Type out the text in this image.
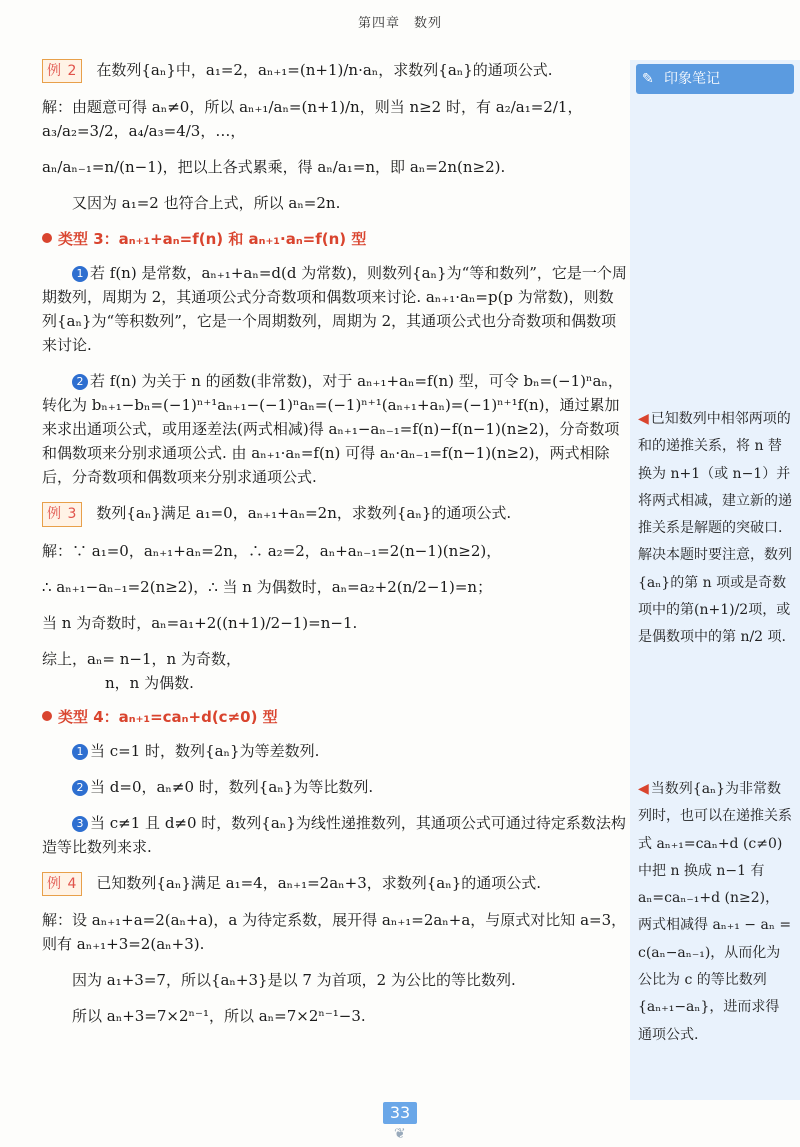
第四章　数列
✎ 印象笔记
◀ 已知数列中相邻两项的和的递推关系，将 n 替换为 n+1（或 n−1）并将两式相减，建立新的递推关系是解题的突破口. 解决本题时要注意，数列{aₙ}的第 n 项或是奇数项中的第(n+1)/2项，或是偶数项中的第 n/2 项.
◀ 当数列{aₙ}为非常数列时，也可以在递推关系式 aₙ₊₁=caₙ+d (c≠0) 中把 n 换成 n−1 有 aₙ=caₙ₋₁+d (n≥2)，两式相减得 aₙ₊₁ − aₙ = c(aₙ−aₙ₋₁)，从而化为公比为 c 的等比数列 {aₙ₊₁−aₙ}，进而求得通项公式.

例 2 在数列{aₙ}中，a₁=2，aₙ₊₁=(n+1)/n·aₙ，求数列{aₙ}的通项公式.

解：由题意可得 aₙ≠0，所以 aₙ₊₁/aₙ=(n+1)/n，则当 n≥2 时，有 a₂/a₁=2/1，a₃/a₂=3/2，a₄/a₃=4/3，…，

aₙ/aₙ₋₁=n/(n−1)，把以上各式累乘，得 aₙ/a₁=n，即 aₙ=2n(n≥2).

又因为 a₁=2 也符合上式，所以 aₙ=2n.

类型 3：aₙ₊₁+aₙ=f(n) 和 aₙ₊₁·aₙ=f(n) 型

1 若 f(n) 是常数，aₙ₊₁+aₙ=d(d 为常数)，则数列{aₙ}为“等和数列”，它是一个周期数列，周期为 2，其通项公式分奇数项和偶数项来讨论. aₙ₊₁·aₙ=p(p 为常数)，则数列{aₙ}为“等积数列”，它是一个周期数列，周期为 2，其通项公式也分奇数项和偶数项来讨论.

2 若 f(n) 为关于 n 的函数(非常数)，对于 aₙ₊₁+aₙ=f(n) 型，可令 bₙ=(−1)ⁿaₙ，转化为 bₙ₊₁−bₙ=(−1)ⁿ⁺¹aₙ₊₁−(−1)ⁿaₙ=(−1)ⁿ⁺¹(aₙ₊₁+aₙ)=(−1)ⁿ⁺¹f(n)，通过累加来求出通项公式，或用逐差法(两式相减)得 aₙ₊₁−aₙ₋₁=f(n)−f(n−1)(n≥2)，分奇数项和偶数项来分别求通项公式. 由 aₙ₊₁·aₙ=f(n) 可得 aₙ·aₙ₋₁=f(n−1)(n≥2)，两式相除后，分奇数项和偶数项来分别求通项公式.

例 3 数列{aₙ}满足 a₁=0，aₙ₊₁+aₙ=2n，求数列{aₙ}的通项公式.

解：∵ a₁=0，aₙ₊₁+aₙ=2n，∴ a₂=2，aₙ+aₙ₋₁=2(n−1)(n≥2)，

∴ aₙ₊₁−aₙ₋₁=2(n≥2)，∴ 当 n 为偶数时，aₙ=a₂+2(n/2−1)=n；

当 n 为奇数时，aₙ=a₁+2((n+1)/2−1)=n−1.

综上，aₙ= n−1，n 为奇数，
n，n 为偶数.

类型 4：aₙ₊₁=caₙ+d(c≠0) 型

1 当 c=1 时，数列{aₙ}为等差数列.

2 当 d=0，aₙ≠0 时，数列{aₙ}为等比数列.

3 当 c≠1 且 d≠0 时，数列{aₙ}为线性递推数列，其通项公式可通过待定系数法构造等比数列来求.

例 4 已知数列{aₙ}满足 a₁=4，aₙ₊₁=2aₙ+3，求数列{aₙ}的通项公式.

解：设 aₙ₊₁+a=2(aₙ+a)，a 为待定系数，展开得 aₙ₊₁=2aₙ+a，与原式对比知 a=3，则有 aₙ₊₁+3=2(aₙ+3).

因为 a₁+3=7，所以{aₙ+3}是以 7 为首项，2 为公比的等比数列.

所以 aₙ+3=7×2ⁿ⁻¹，所以 aₙ=7×2ⁿ⁻¹−3.

33
❦
